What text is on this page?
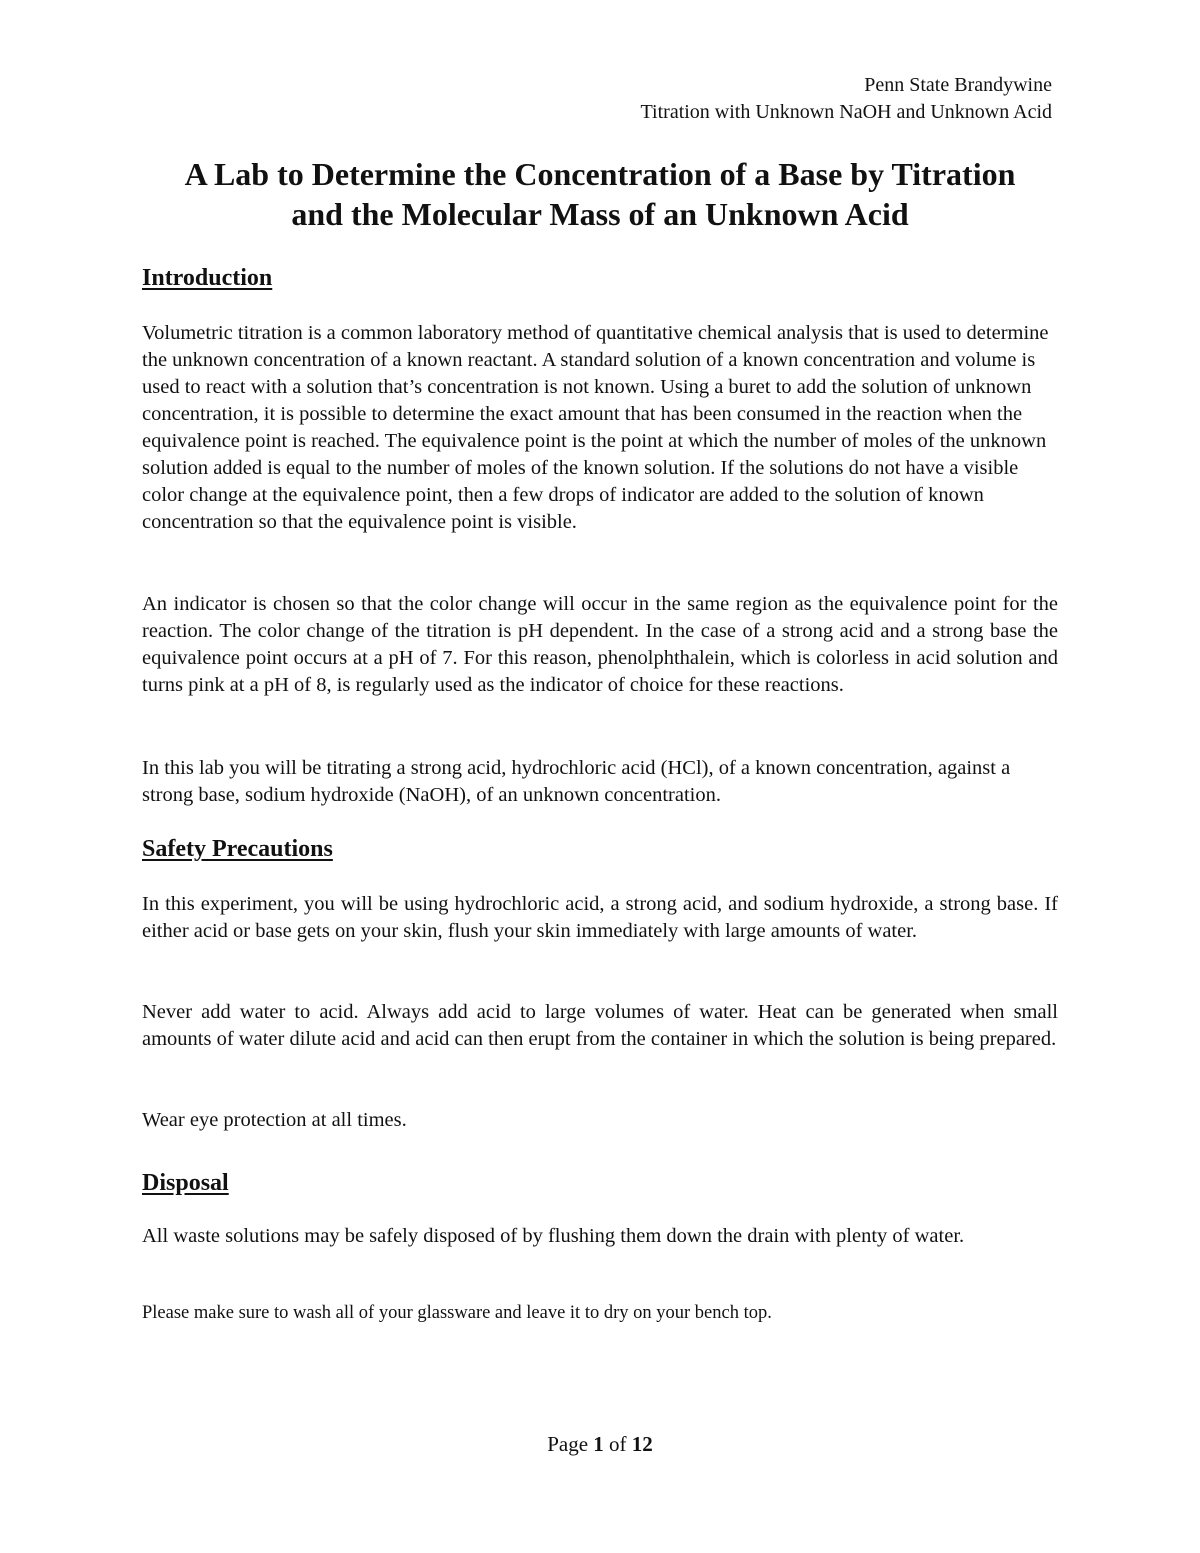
Penn State Brandywine
Titration with Unknown NaOH and Unknown Acid
A Lab to Determine the Concentration of a Base by Titration
and the Molecular Mass of an Unknown Acid
Introduction

Volumetric titration is a common laboratory method of quantitative chemical analysis that is used to determine the unknown concentration of a known reactant. A standard solution of a known concentration and volume is used to react with a solution that’s concentration is not known. Using a buret to add the solution of unknown concentration, it is possible to determine the exact amount that has been consumed in the reaction when the equivalence point is reached. The equivalence point is the point at which the number of moles of the unknown solution added is equal to the number of moles of the known solution. If the solutions do not have a visible color change at the equivalence point, then a few drops of indicator are added to the solution of known concentration so that the equivalence point is visible.

An indicator is chosen so that the color change will occur in the same region as the equivalence point for the reaction. The color change of the titration is pH dependent. In the case of a strong acid and a strong base the equivalence point occurs at a pH of 7. For this reason, phenolphthalein, which is colorless in acid solution and turns pink at a pH of 8, is regularly used as the indicator of choice for these reactions.

In this lab you will be titrating a strong acid, hydrochloric acid (HCl), of a known concentration, against a strong base, sodium hydroxide (NaOH), of an unknown concentration.

Safety Precautions

In this experiment, you will be using hydrochloric acid, a strong acid, and sodium hydroxide, a strong base. If either acid or base gets on your skin, flush your skin immediately with large amounts of water.

Never add water to acid. Always add acid to large volumes of water. Heat can be generated when small amounts of water dilute acid and acid can then erupt from the container in which the solution is being prepared.

Wear eye protection at all times.

Disposal

All waste solutions may be safely disposed of by flushing them down the drain with plenty of water.

Please make sure to wash all of your glassware and leave it to dry on your bench top.

Page 1 of 12
